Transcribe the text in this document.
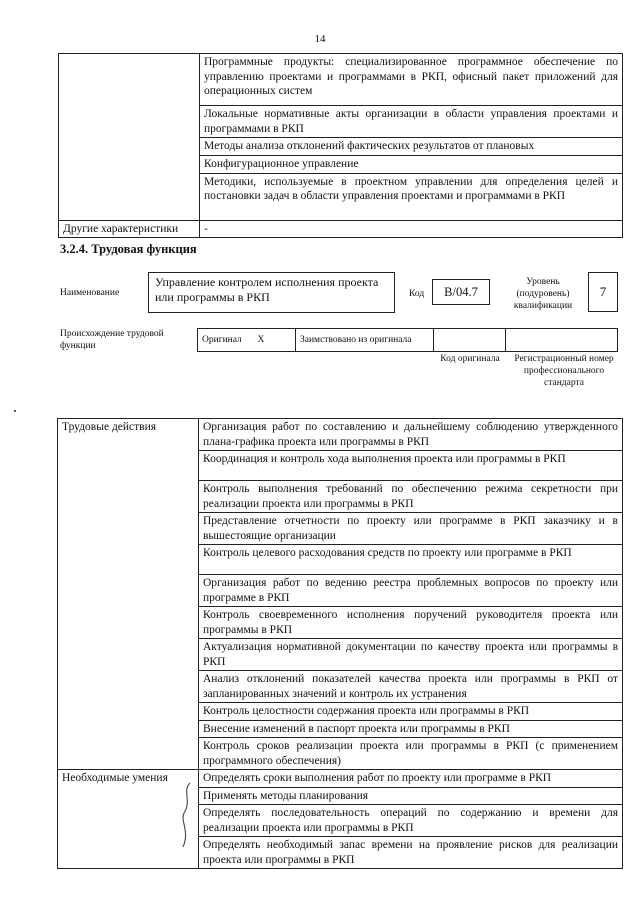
14
	Программные продукты: специализированное программное обеспечение по управлению проектами и программами в РКП, офисный пакет приложений для операционных систем
	Локальные нормативные акты организации в области управления проектами и программами в РКП
	Методы анализа отклонений фактических результатов от плановых
	Конфигурационное управление
	Методики, используемые в проектном управлении для определения целей и постановки задач в области управления проектами и программами в РКП
Другие характеристики	-
3.2.4. Трудовая функция
Наименование
Управление контролем исполнения проекта или программы в РКП	Код	B/04.7
Уровень (подуровень) квалификации
7
Происхождение трудовой функции
Оригинал	X	Заимствовано из оригинала		
Код оригинала	Регистрационный номер профессионального стандарта
Трудовые действия	Организация работ по составлению и дальнейшему соблюдению утвержденного плана-графика проекта или программы в РКП
	Координация и контроль хода выполнения проекта или программы в РКП
	Контроль выполнения требований по обеспечению режима секретности при реализации проекта или программы в РКП
	Представление отчетности по проекту или программе в РКП заказчику и в вышестоящие организации
	Контроль целевого расходования средств по проекту или программе в РКП
	Организация работ по ведению реестра проблемных вопросов по проекту или программе в РКП
	Контроль своевременного исполнения поручений руководителя проекта или программы в РКП
	Актуализация нормативной документации по качеству проекта или программы в РКП
	Анализ отклонений показателей качества проекта или программы в РКП от запланированных значений и контроль их устранения
	Контроль целостности содержания проекта или программы в РКП
	Внесение изменений в паспорт проекта или программы в РКП
	Контроль сроков реализации проекта или программы в РКП (с применением программного обеспечения)
Необходимые умения	Определять сроки выполнения работ по проекту или программе в РКП
	Применять методы планирования
	Определять последовательность операций по содержанию и времени для реализации проекта или программы в РКП
	Определять необходимый запас времени на проявление рисков для реализации проекта или программы в РКП
